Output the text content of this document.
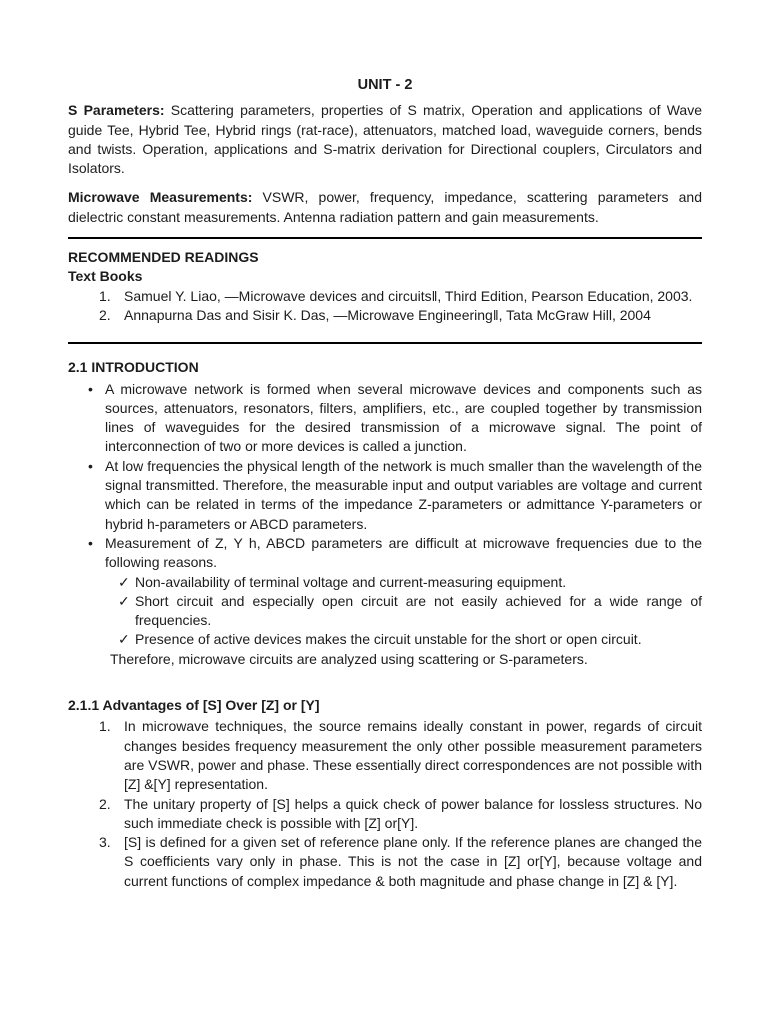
UNIT - 2

S Parameters: Scattering parameters, properties of S matrix, Operation and applications of Wave guide Tee, Hybrid Tee, Hybrid rings (rat-race), attenuators, matched load, waveguide corners, bends and twists. Operation, applications and S-matrix derivation for Directional couplers, Circulators and Isolators.

Microwave Measurements: VSWR, power, frequency, impedance, scattering parameters and dielectric constant measurements. Antenna radiation pattern and gain measurements.

RECOMMENDED READINGS
Text Books
1. Samuel Y. Liao, —Microwave devices and circuits‖, Third Edition, Pearson Education, 2003.
2. Annapurna Das and Sisir K. Das, —Microwave Engineering‖, Tata McGraw Hill, 2004
2.1 INTRODUCTION
• A microwave network is formed when several microwave devices and components such as sources, attenuators, resonators, filters, amplifiers, etc., are coupled together by transmission lines of waveguides for the desired transmission of a microwave signal. The point of interconnection of two or more devices is called a junction.
• At low frequencies the physical length of the network is much smaller than the wavelength of the signal transmitted. Therefore, the measurable input and output variables are voltage and current which can be related in terms of the impedance Z-parameters or admittance Y-parameters or hybrid h-parameters or ABCD parameters.
• Measurement of Z, Y h, ABCD parameters are difficult at microwave frequencies due to the following reasons.
✓ Non-availability of terminal voltage and current-measuring equipment.
✓ Short circuit and especially open circuit are not easily achieved for a wide range of frequencies.
✓ Presence of active devices makes the circuit unstable for the short or open circuit.
Therefore, microwave circuits are analyzed using scattering or S-parameters.
2.1.1 Advantages of [S] Over [Z] or [Y]
1. In microwave techniques, the source remains ideally constant in power, regards of circuit changes besides frequency measurement the only other possible measurement parameters are VSWR, power and phase. These essentially direct correspondences are not possible with [Z] &[Y] representation.
2. The unitary property of [S] helps a quick check of power balance for lossless structures. No such immediate check is possible with [Z] or[Y].
3. [S] is defined for a given set of reference plane only. If the reference planes are changed the S coefficients vary only in phase. This is not the case in [Z] or[Y], because voltage and current functions of complex impedance & both magnitude and phase change in [Z] & [Y].
